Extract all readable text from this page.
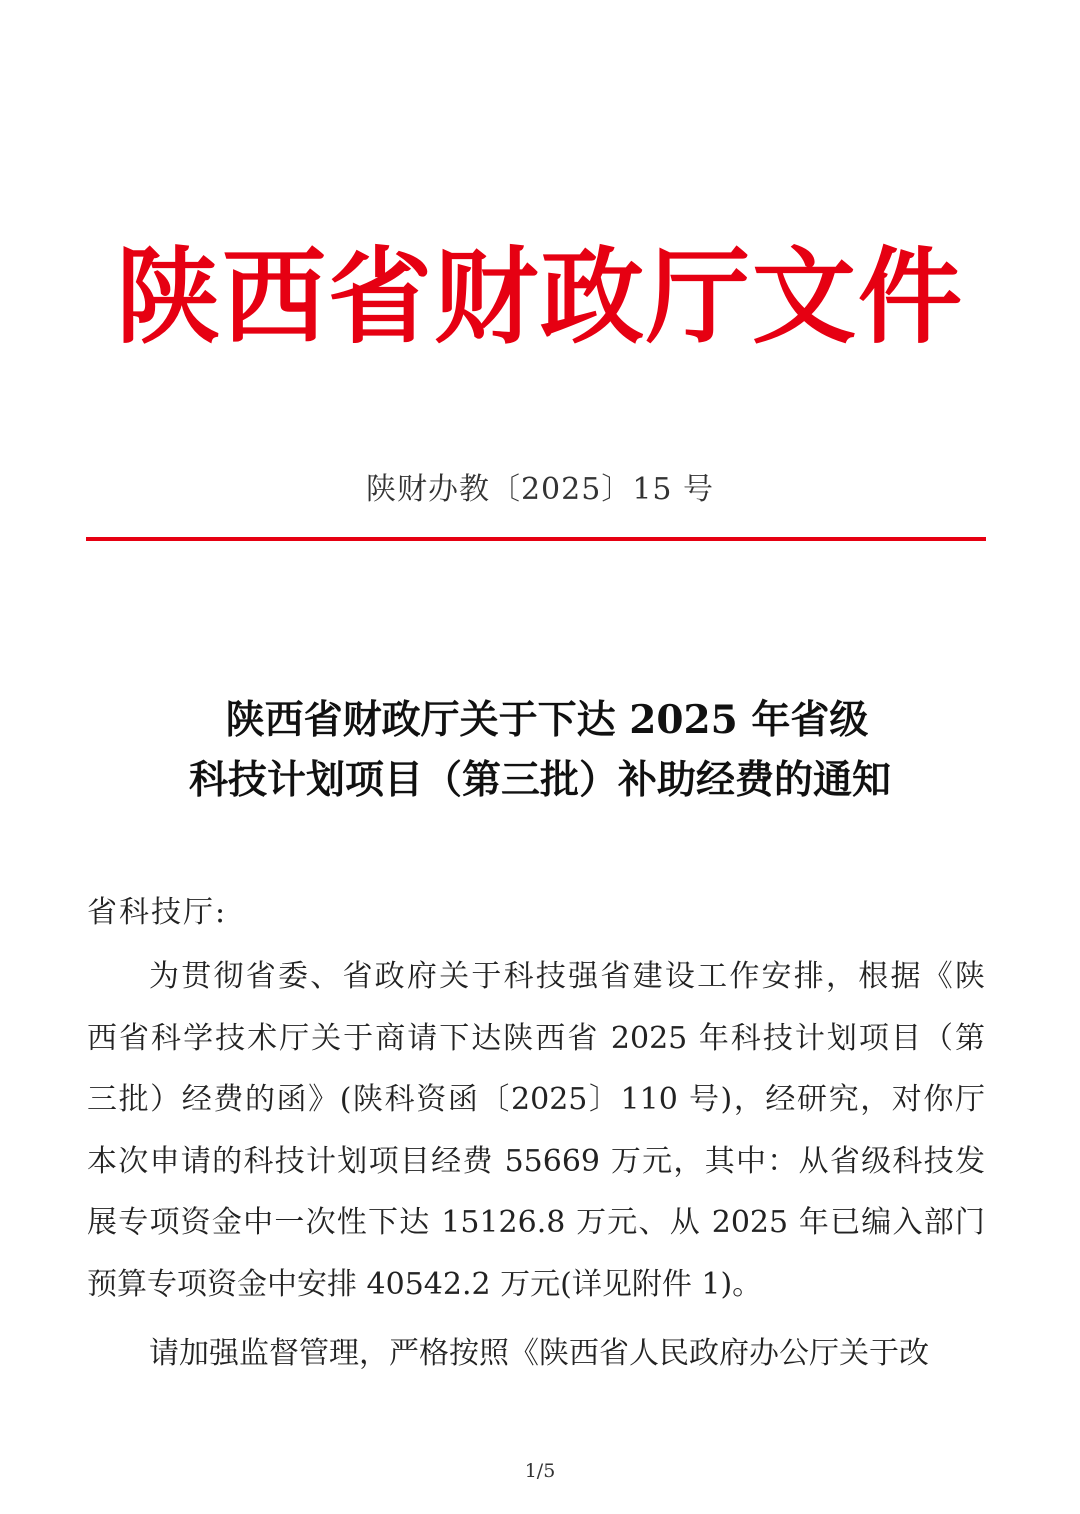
陕西省财政厅文件
陕财办教〔2025〕15 号
陕西省财政厅关于下达 2025 年省级
科技计划项目（第三批）补助经费的通知
省科技厅:
为贯彻省委、省政府关于科技强省建设工作安排，根据《陕
西省科学技术厅关于商请下达陕西省 2025 年科技计划项目（第
三批）经费的函》(陕科资函〔2025〕110 号)，经研究，对你厅
本次申请的科技计划项目经费 55669 万元，其中：从省级科技发
展专项资金中一次性下达 15126.8 万元、从 2025 年已编入部门
预算专项资金中安排 40542.2 万元(详见附件 1)。
请加强监督管理，严格按照《陕西省人民政府办公厅关于改
1/5
